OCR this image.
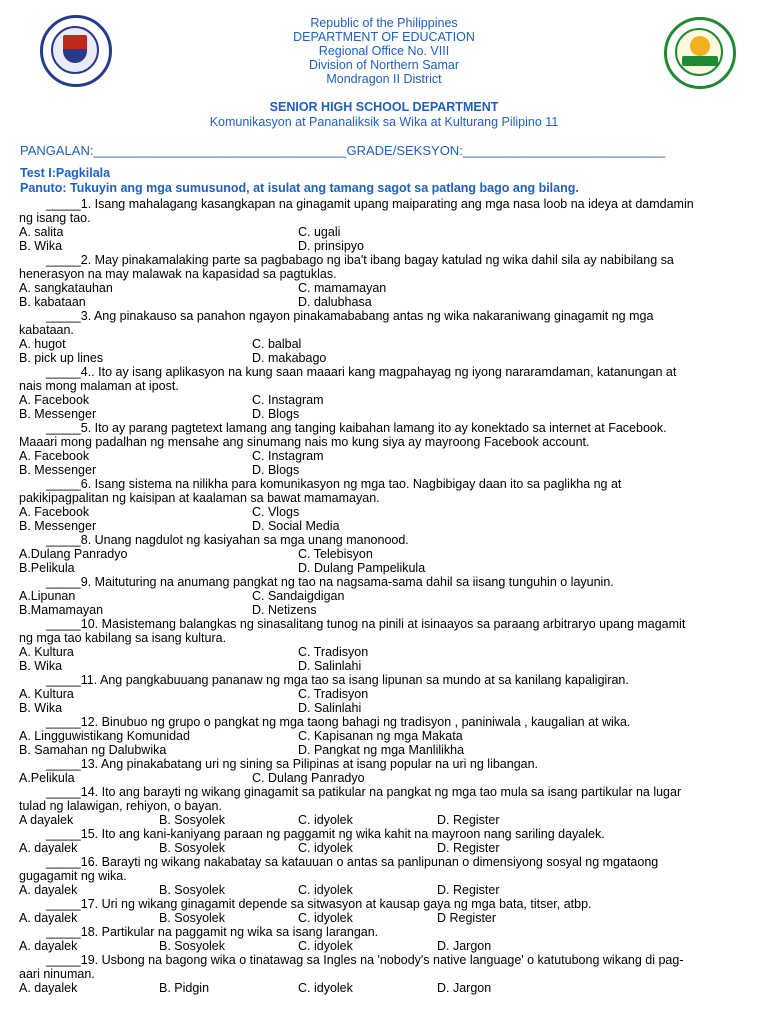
Republic of the Philippines
DEPARTMENT OF EDUCATION
Regional Office No. VIII
Division of Northern Samar
Mondragon II District
SENIOR HIGH SCHOOL DEPARTMENT
Komunikasyon at Pananaliksik sa Wika at Kulturang Pilipino 11
PANGALAN:___________________________________GRADE/SEKSYON:____________________________
Test I:Pagkilala
Panuto: Tukuyin ang mga sumusunod, at isulat ang tamang sagot sa patlang bago ang bilang.
_____1. Isang mahalagang kasangkapan na ginagamit upang maiparating ang mga nasa loob na ideya at damdamin
ng isang tao.
A. salita	C. ugali
B. Wika	D. prinsipyo
_____2. May pinakamalaking parte sa pagbabago ng iba't ibang bagay katulad ng wika dahil sila ay nabibilang sa
henerasyon na may malawak na kapasidad sa pagtuklas.
A. sangkatauhan	C. mamamayan
B. kabataan	D. dalubhasa
_____3. Ang pinakauso sa panahon ngayon pinakamababang antas ng wika nakaraniwang ginagamit ng mga
kabataan.
A. hugot	C. balbal
B. pick up lines	D. makabago
_____4.. Ito ay isang aplikasyon na kung saan maaari kang magpahayag ng iyong nararamdaman, katanungan at
nais mong malaman at ipost.
A. Facebook	C. Instagram
B. Messenger	D. Blogs
_____5. Ito ay parang pagtetext lamang ang tanging kaibahan lamang ito ay konektado sa internet at Facebook.
Maaari mong padalhan ng mensahe ang sinumang nais mo kung siya ay mayroong Facebook account.
A. Facebook	C. Instagram
B. Messenger	D. Blogs
_____6. Isang sistema na nilikha para komunikasyon ng mga tao. Nagbibigay daan ito sa paglikha ng at
pakikipagpalitan ng kaisipan at kaalaman sa bawat mamamayan.
A. Facebook	C. Vlogs
B. Messenger	D. Social Media
_____8. Unang nagdulot ng kasiyahan sa mga unang manonood.
A.Dulang Panradyo	C. Telebisyon
B.Pelikula	D. Dulang Pampelikula
_____9. Maituturing na anumang pangkat ng tao na nagsama-sama dahil sa iisang tunguhin o layunin.
A.Lipunan	C. Sandaigdigan
B.Mamamayan	D. Netizens
_____10. Masistemang balangkas ng sinasalitang tunog na pinili at isinaayos sa paraang arbitraryo upang magamit
ng mga tao kabilang sa isang kultura.
A. Kultura	C. Tradisyon
B. Wika	D. Salinlahi
_____11. Ang pangkabuuang pananaw ng mga tao sa isang lipunan sa mundo at sa kanilang kapaligiran.
A. Kultura	C. Tradisyon
B. Wika	D. Salinlahi
_____12. Binubuo ng grupo o pangkat ng mga taong bahagi ng tradisyon , paniniwala , kaugalian at wika.
A. Lingguwistikang Komunidad	C. Kapisanan ng mga Makata
B. Samahan ng Dalubwika	D. Pangkat ng mga Manlilikha
_____13. Ang pinakabatang uri ng sining sa Pilipinas at isang popular na uri ng libangan.
A.Pelikula	C. Dulang Panradyo
_____14. Ito ang barayti ng wikang ginagamit sa patikular na pangkat ng mga tao mula sa isang partikular na lugar
tulad ng lalawigan, rehiyon, o bayan.
A dayalek	B. Sosyolek	C. idyolek	D. Register
_____15. Ito ang kani-kaniyang paraan ng paggamit ng wika kahit na mayroon nang sariling dayalek.
A. dayalek	B. Sosyolek	C. idyolek	D. Register
_____16. Barayti ng wikang nakabatay sa katauuan o antas sa panlipunan o dimensiyong sosyal ng mgataong
gugagamit ng wika.
A. dayalek	B. Sosyolek	C. idyolek	D. Register
_____17. Uri ng wikang ginagamit depende sa sitwasyon at kausap gaya ng mga bata, titser, atbp.
A. dayalek	B. Sosyolek	C. idyolek	D Register
_____18. Partikular na paggamit ng wika sa isang larangan.
A. dayalek	B. Sosyolek	C. idyolek	D. Jargon
_____19. Usbong na bagong wika o tinatawag sa Ingles na 'nobody's native language' o katutubong wikang di pag-
aari ninuman.
A. dayalek	B. Pidgin	C. idyolek	D. Jargon
